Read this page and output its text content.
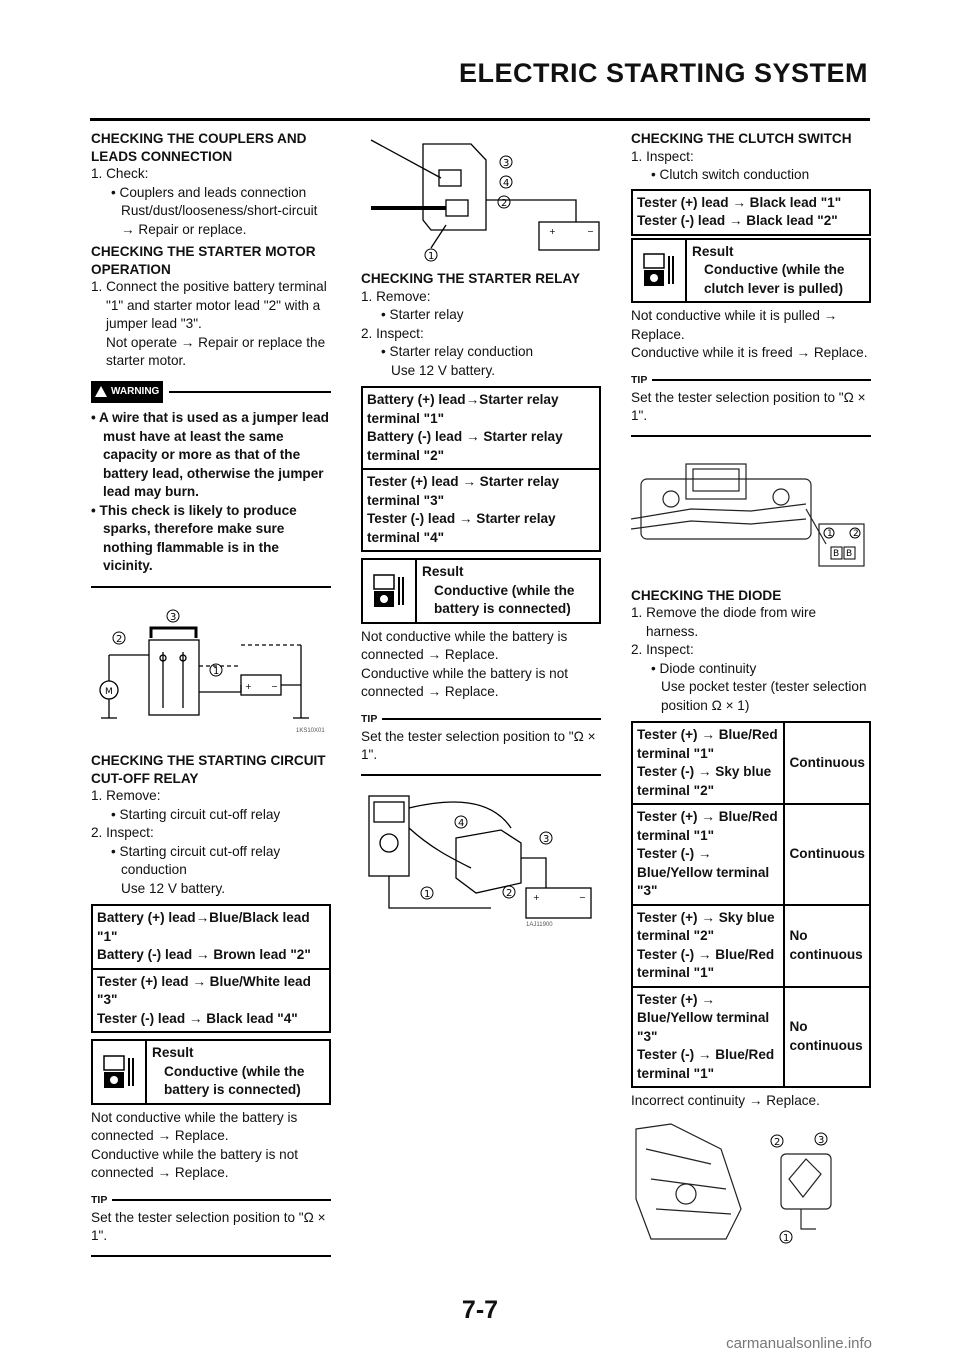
ELECTRIC STARTING SYSTEM
CHECKING THE COUPLERS AND LEADS CONNECTION

1. Check:

• Couplers and leads connection

Rust/dust/looseness/short-circuit

→ Repair or replace.

CHECKING THE STARTER MOTOR OPERATION

1. Connect the positive battery terminal "1" and starter motor lead "2" with a jumper lead "3".

Not operate → Repair or replace the starter motor.

WARNING

• A wire that is used as a jumper lead must have at least the same capacity or more as that of the battery lead, otherwise the jumper lead may burn.

• This check is likely to produce sparks, therefore make sure nothing flammable is in the vicinity.

3
2
1
M
+ −
1KS10X01
CHECKING THE STARTING CIRCUIT CUT-OFF RELAY

1. Remove:

• Starting circuit cut-off relay

2. Inspect:

• Starting circuit cut-off relay conduction

Use 12 V battery.

Battery (+) lead→Blue/Black lead "1"
Battery (-) lead → Brown lead "2"

Tester (+) lead → Blue/White lead "3"
Tester (-) lead → Black lead "4"
Result
Conductive (while the battery is connected)

Not conductive while the battery is connected → Replace.

Conductive while the battery is not connected → Replace.

TIP
Set the tester selection position to "Ω × 1".
3
4
2
1
+	−
CHECKING THE STARTER RELAY

1. Remove:

• Starter relay

2. Inspect:

• Starter relay conduction

Use 12 V battery.

Battery (+) lead→Starter relay terminal "1"
Battery (-) lead → Starter relay terminal "2"

Tester (+) lead → Starter relay terminal "3"
Tester (-) lead → Starter relay terminal "4"
Result
Conductive (while the battery is connected)

Not conductive while the battery is connected → Replace.

Conductive while the battery is not connected → Replace.

TIP
Set the tester selection position to "Ω × 1".
4
3
2
1	+	−
1AJ11900
CHECKING THE CLUTCH SWITCH

1. Inspect:

• Clutch switch conduction

Tester (+) lead → Black lead "1"
Tester (-) lead → Black lead "2"
Result
Conductive (while the clutch lever is pulled)

Not conductive while it is pulled → Replace.

Conductive while it is freed → Replace.

TIP
Set the tester selection position to "Ω × 1".
1 2
B B
CHECKING THE DIODE

1. Remove the diode from wire harness.

2. Inspect:

• Diode continuity

Use pocket tester (tester selection position Ω × 1)

Tester (+) → Blue/Red terminal "1"
Tester (-) → Sky blue terminal "2"	Continuous

Tester (+) → Blue/Red terminal "1"
Tester (-) → Blue/Yellow terminal "3"	Continuous

Tester (+) → Sky blue terminal "2"
Tester (-) → Blue/Red terminal "1"	No continuous

Tester (+) → Blue/Yellow terminal "3"
Tester (-) → Blue/Red terminal "1"	No continuous

Incorrect continuity → Replace.

2	3
1
7-7
carmanualsonline.info
